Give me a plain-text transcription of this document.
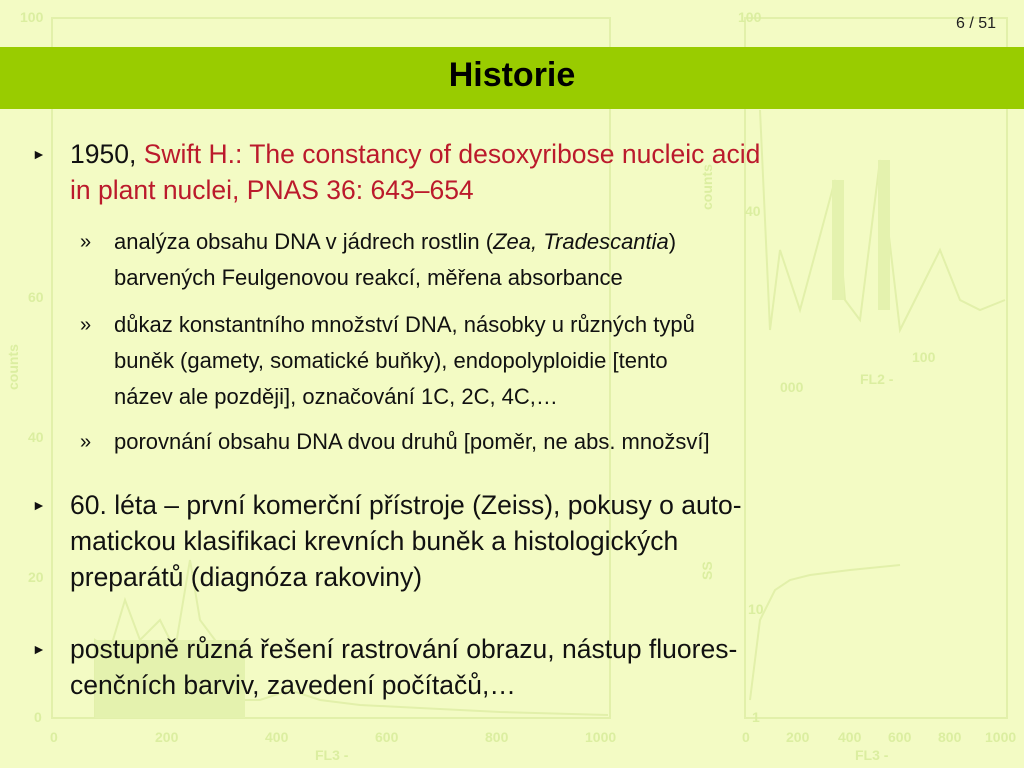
100
60
40
20
0
0	200	400	600	800	1000
FL3 -
counts
100
40
10
1
0	200 400 600 800 1000
FL3 -
counts
SS
100
FL2 -
000
6 / 51
Historie
► 1950, Swift H.: The constancy of desoxyribose nucleic acid
in plant nuclei, PNAS 36: 643–654
» analýza obsahu DNA v jádrech rostlin (Zea, Tradescantia)
barvených Feulgenovou reakcí, měřena absorbance
» důkaz konstantního množství DNA, násobky u různých typů
buněk (gamety, somatické buňky), endopolyploidie [tento
název ale později], označování 1C, 2C, 4C,…
» porovnání obsahu DNA dvou druhů [poměr, ne abs. množsví]
► 60. léta – první komerční přístroje (Zeiss), pokusy o auto-
matickou klasifikaci krevních buněk a histologických
preparátů (diagnóza rakoviny)
► postupně různá řešení rastrování obrazu, nástup fluores-
cenčních barviv, zavedení počítačů,…
